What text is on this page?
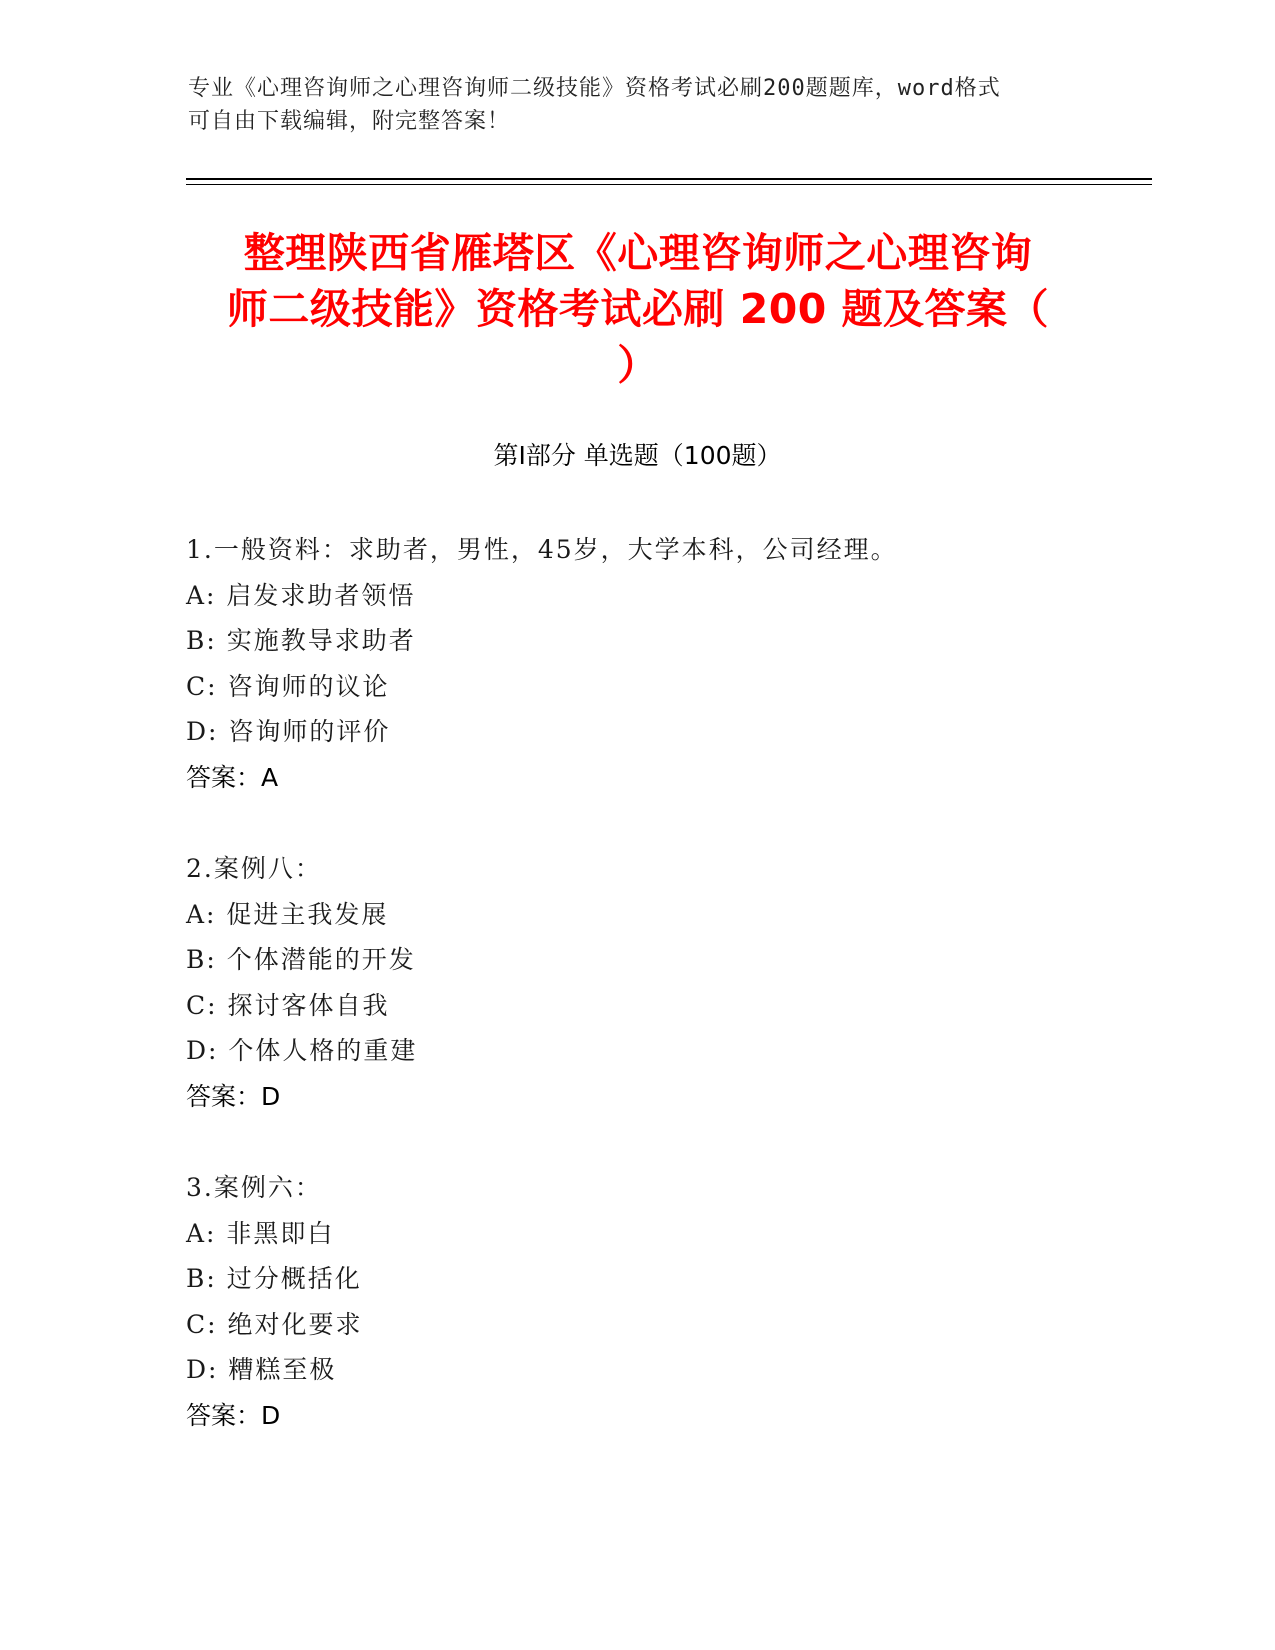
专业《心理咨询师之心理咨询师二级技能》资格考试必刷200题题库，word格式
可自由下载编辑，附完整答案！
整理陕西省雁塔区《心理咨询师之心理咨询
师二级技能》资格考试必刷 200 题及答案（
）
第Ⅰ部分 单选题（100题）
1.一般资料：求助者，男性，45岁，大学本科，公司经理。
A: 启发求助者领悟
B: 实施教导求助者
C: 咨询师的议论
D: 咨询师的评价
答案：A
2.案例八：
A: 促进主我发展
B: 个体潜能的开发
C: 探讨客体自我
D: 个体人格的重建
答案：D
3.案例六：
A: 非黑即白
B: 过分概括化
C: 绝对化要求
D: 糟糕至极
答案：D
